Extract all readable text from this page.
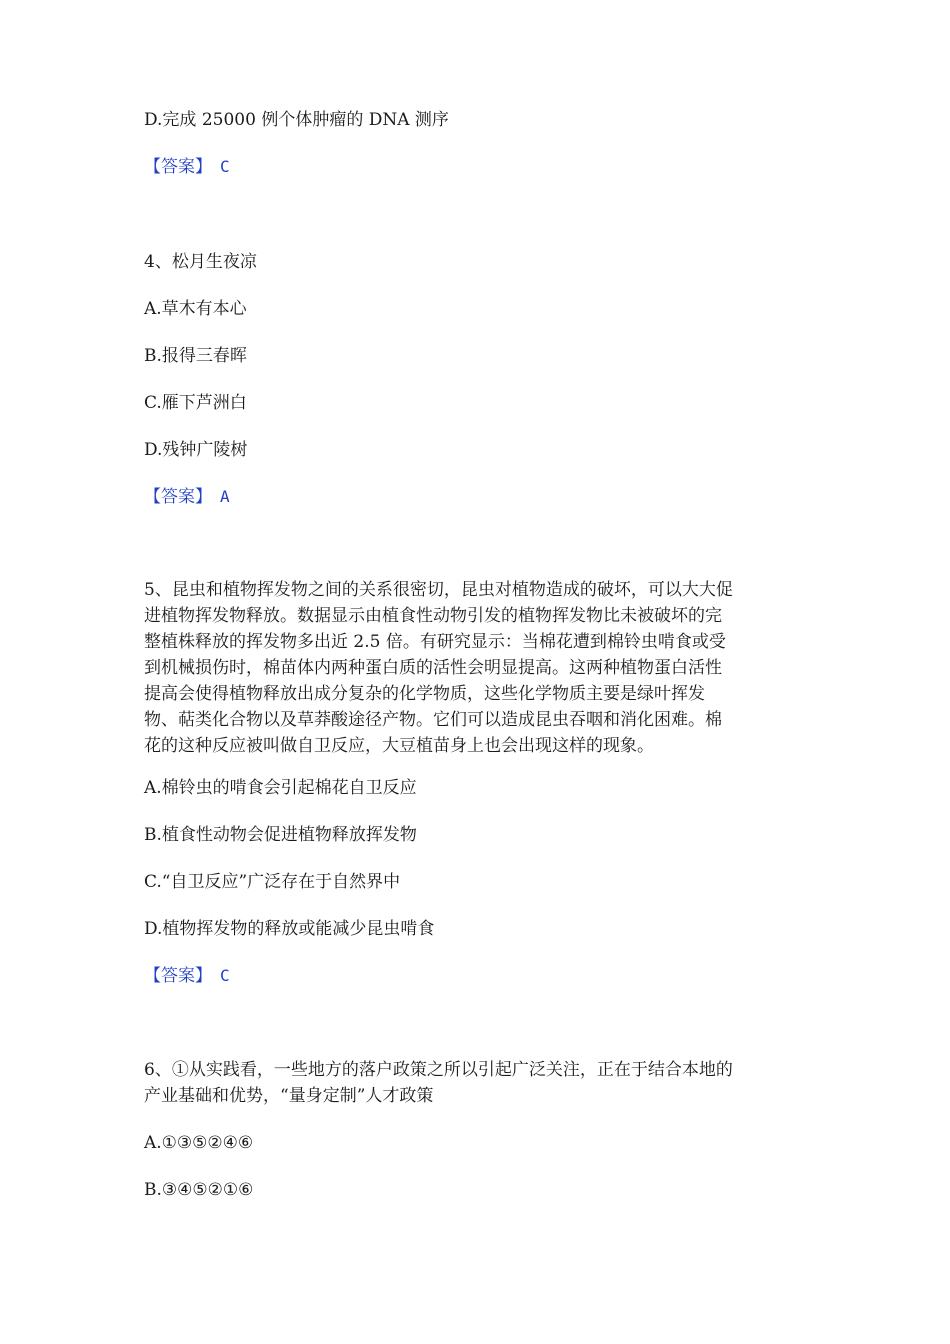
D.完成 25000 例个体肿瘤的 DNA 测序
【答案】 C
4、松月生夜凉
A.草木有本心
B.报得三春晖
C.雁下芦洲白
D.残钟广陵树
【答案】 A
5、昆虫和植物挥发物之间的关系很密切，昆虫对植物造成的破坏，可以大大促
进植物挥发物释放。数据显示由植食性动物引发的植物挥发物比未被破坏的完
整植株释放的挥发物多出近 2.5 倍。有研究显示：当棉花遭到棉铃虫啃食或受
到机械损伤时，棉苗体内两种蛋白质的活性会明显提高。这两种植物蛋白活性
提高会使得植物释放出成分复杂的化学物质，这些化学物质主要是绿叶挥发
物、萜类化合物以及草莽酸途径产物。它们可以造成昆虫吞咽和消化困难。棉
花的这种反应被叫做自卫反应，大豆植苗身上也会出现这样的现象。
A.棉铃虫的啃食会引起棉花自卫反应
B.植食性动物会促进植物释放挥发物
C.“自卫反应”广泛存在于自然界中
D.植物挥发物的释放或能减少昆虫啃食
【答案】 C
6、①从实践看，一些地方的落户政策之所以引起广泛关注，正在于结合本地的
产业基础和优势，“量身定制”人才政策
A.①③⑤②④⑥
B.③④⑤②①⑥
